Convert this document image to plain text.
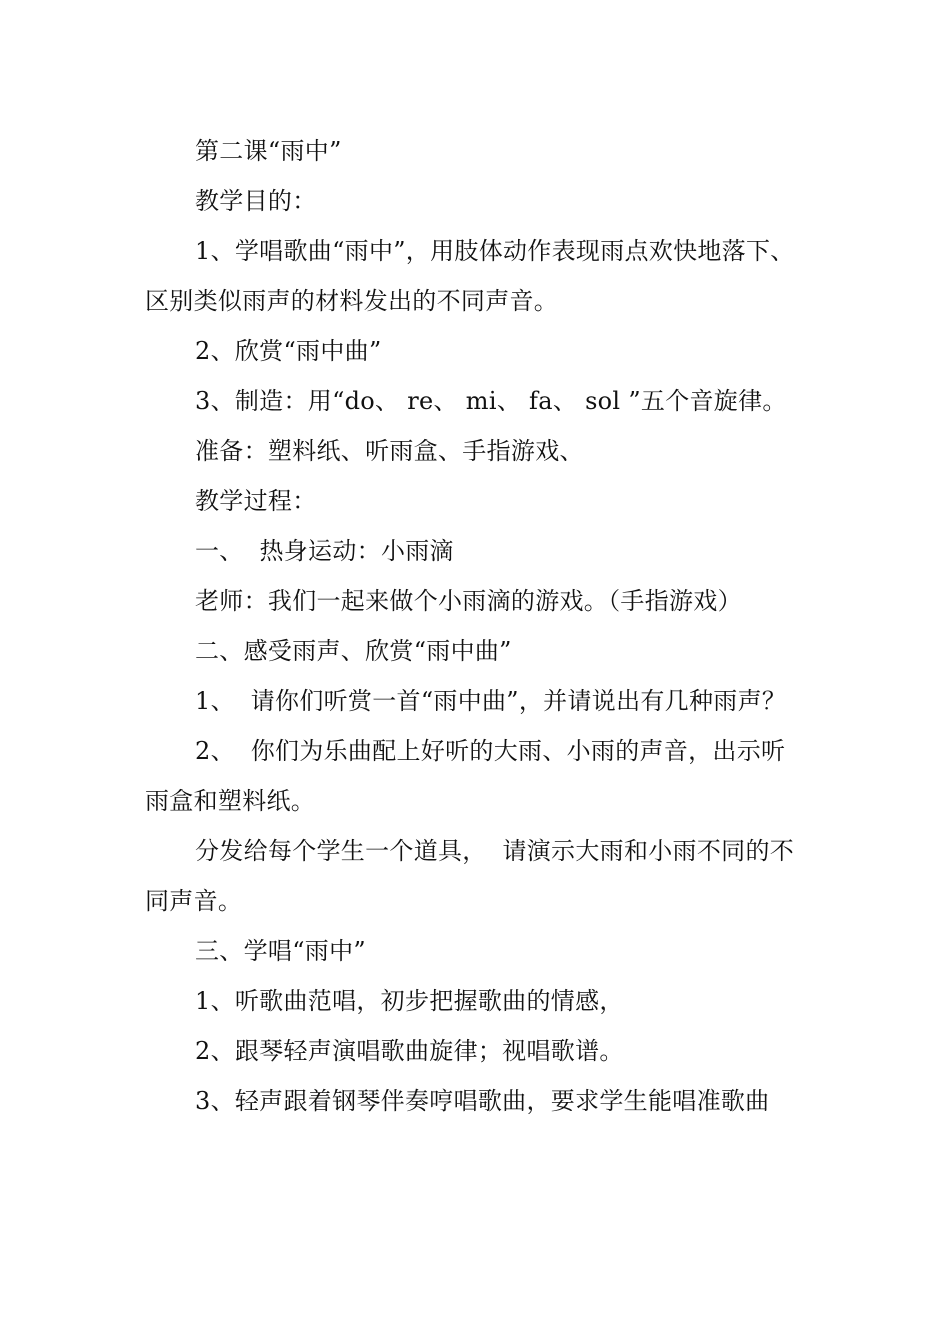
第二课“雨中”

教学目的：

1、学唱歌曲“雨中”，用肢体动作表现雨点欢快地落下、区别类似雨声的材料发出的不同声音。

2、欣赏“雨中曲”

3、制造：用“do、 re、 mi、 fa、 sol ”五个音旋律。

准备：塑料纸、听雨盒、手指游戏、

教学过程：

一、  热身运动：小雨滴

老师：我们一起来做个小雨滴的游戏。（手指游戏）

二、感受雨声、欣赏“雨中曲”

1、  请你们听赏一首“雨中曲”，并请说出有几种雨声？

2、  你们为乐曲配上好听的大雨、小雨的声音，出示听雨盒和塑料纸。

分发给每个学生一个道具，  请演示大雨和小雨不同的不同声音。

三、学唱“雨中”

1、听歌曲范唱，初步把握歌曲的情感，

2、跟琴轻声演唱歌曲旋律；视唱歌谱。

3、轻声跟着钢琴伴奏哼唱歌曲，要求学生能唱准歌曲
